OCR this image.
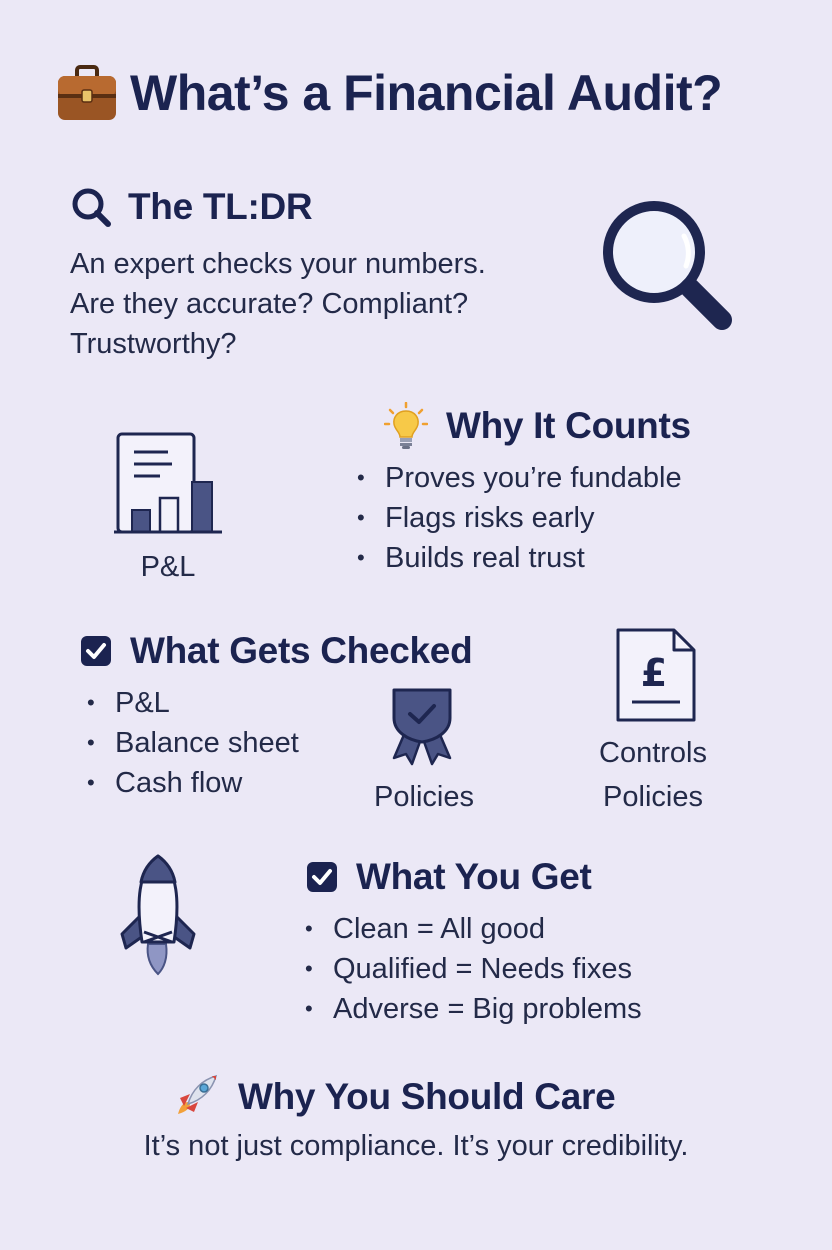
What’s a Financial Audit?
The TL:DR
An expert checks your numbers.
Are they accurate? Compliant?
Trustworthy?
P&L
Why It Counts
• Proves you’re fundable
• Flags risks early
• Builds real trust
What Gets Checked
• P&L
• Balance sheet
• Cash flow	Policies
£
Controls
Policies
What You Get
• Clean = All good
• Qualified = Needs fixes
• Adverse = Big problems
Why You Should Care
It’s not just compliance. It’s your credibility.
